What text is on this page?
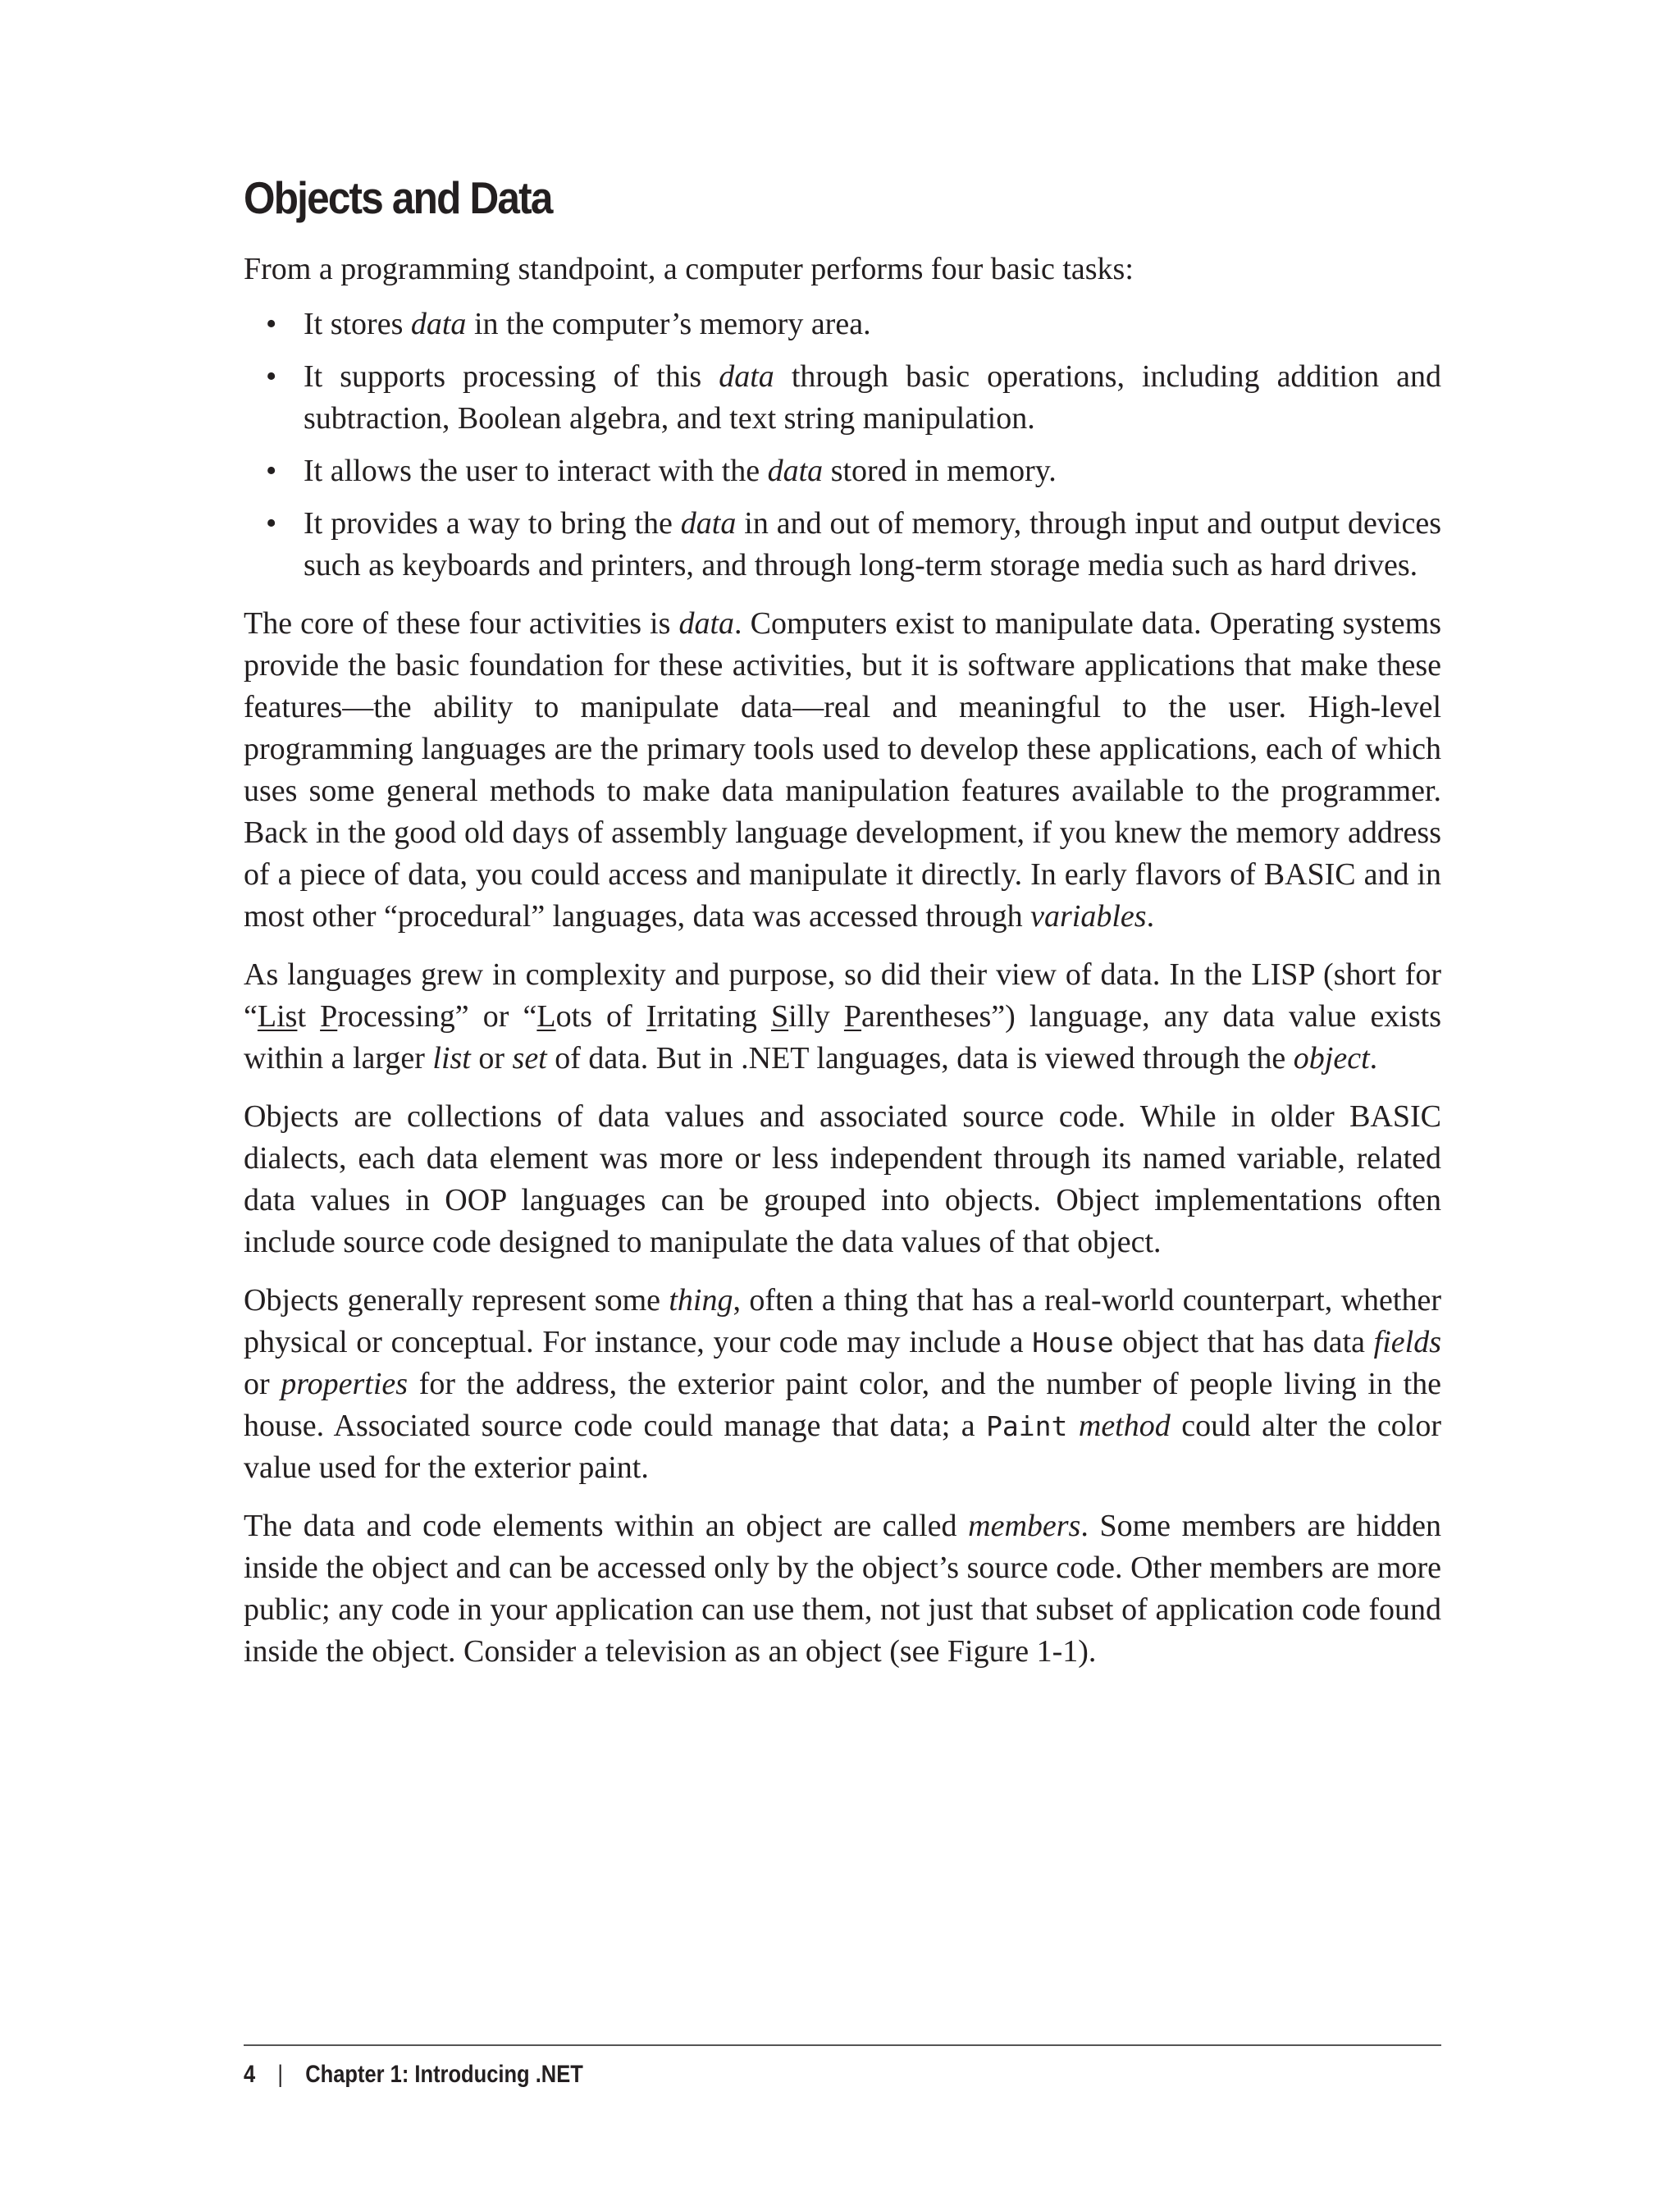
Objects and Data

From a programming standpoint, a computer performs four basic tasks:

• It stores data in the computer’s memory area.
• It supports processing of this data through basic operations, including addition and subtraction, Boolean algebra, and text string manipulation.
• It allows the user to interact with the data stored in memory.
• It provides a way to bring the data in and out of memory, through input and output devices such as keyboards and printers, and through long-term storage media such as hard drives.

The core of these four activities is data. Computers exist to manipulate data. Operating systems provide the basic foundation for these activities, but it is software applications that make these features—the ability to manipulate data—real and meaningful to the user. High-level programming languages are the primary tools used to develop these applications, each of which uses some general methods to make data manipulation features available to the programmer. Back in the good old days of assembly language development, if you knew the memory address of a piece of data, you could access and manipulate it directly. In early flavors of BASIC and in most other “procedural” languages, data was accessed through variables.

As languages grew in complexity and purpose, so did their view of data. In the LISP (short for “List Processing” or “Lots of Irritating Silly Parentheses”) language, any data value exists within a larger list or set of data. But in .NET languages, data is viewed through the object.

Objects are collections of data values and associated source code. While in older BASIC dialects, each data element was more or less independent through its named variable, related data values in OOP languages can be grouped into objects. Object implementations often include source code designed to manipulate the data values of that object.

Objects generally represent some thing, often a thing that has a real-world counterpart, whether physical or conceptual. For instance, your code may include a House object that has data fields or properties for the address, the exterior paint color, and the number of people living in the house. Associated source code could manage that data; a Paint method could alter the color value used for the exterior paint.

The data and code elements within an object are called members. Some members are hidden inside the object and can be accessed only by the object’s source code. Other members are more public; any code in your application can use them, not just that subset of application code found inside the object. Consider a television as an object (see Figure 1-1).

4 | Chapter 1: Introducing .NET
